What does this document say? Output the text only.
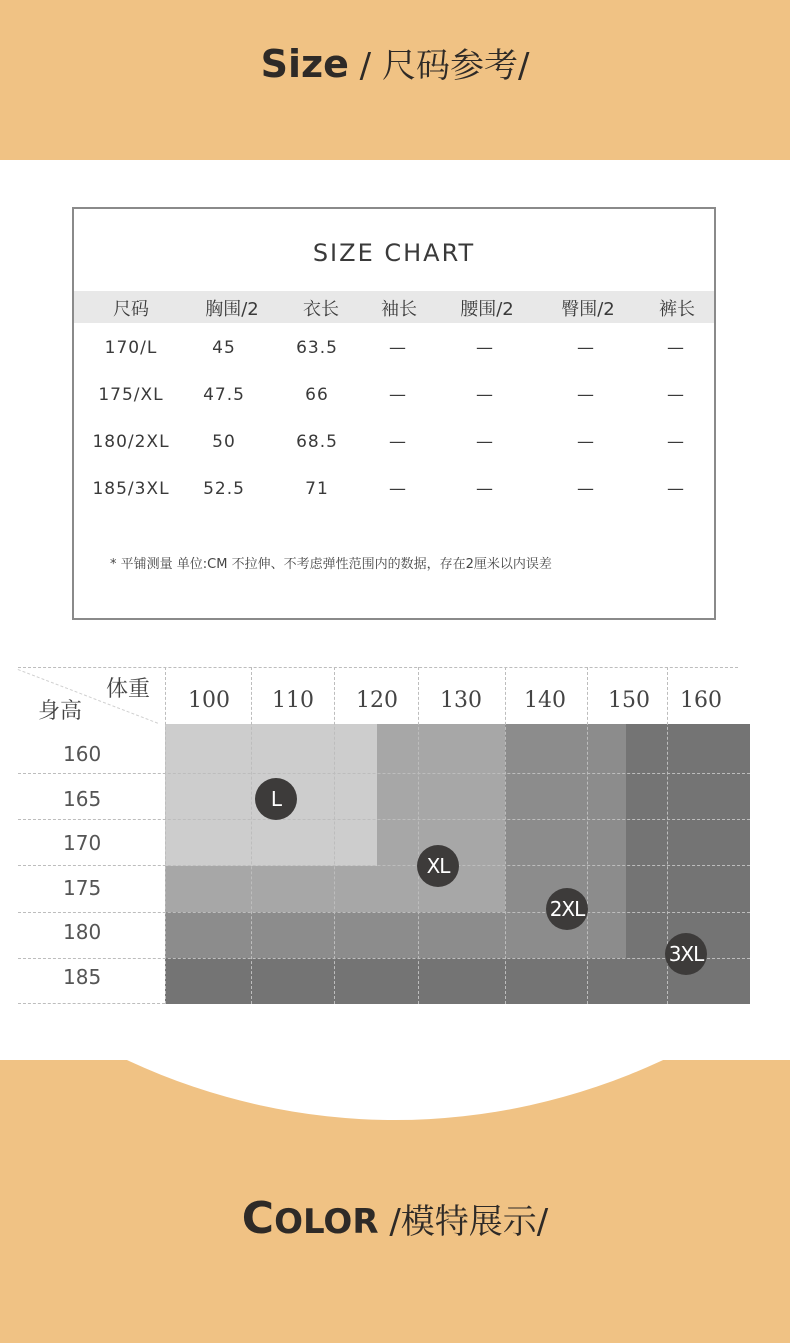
Size / 尺码参考/
SIZE CHART
尺码	胸围/2 衣长 袖长 腰围/2	臀围/2 裤长
170/L	45	63.5	—	—	—	—
175/XL 47.5	66	—	—	—	—
180/2XL	50	68.5	—	—	—	—
185/3XL 52.5	71	—	—	—	—
* 平铺测量 单位:CM 不拉伸、不考虑弹性范围内的数据，存在2厘米以内误差
体重
身高	100 110 120 130 140 150 160
160
165
170
175
180
185
L
XL
2XL
3XL
COLOR /模特展示/
